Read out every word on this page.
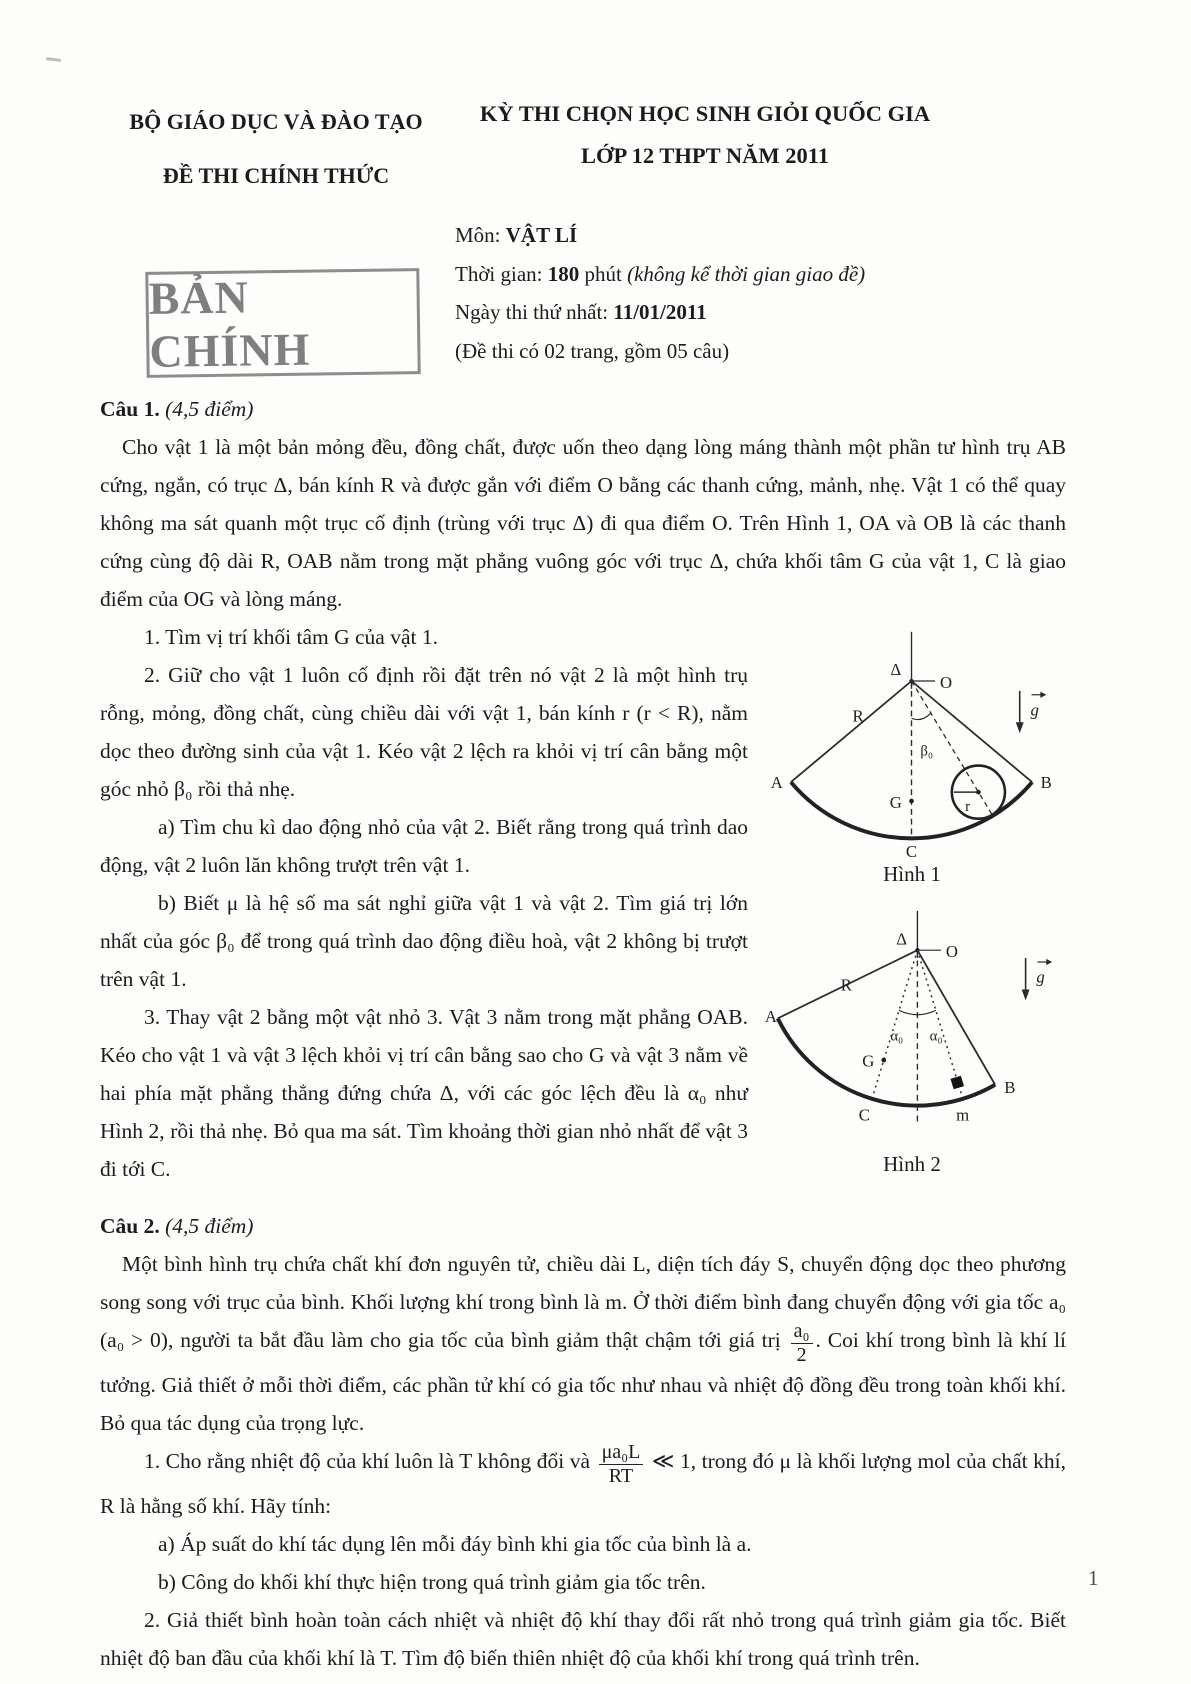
BỘ GIÁO DỤC VÀ ĐÀO TẠO
ĐỀ THI CHÍNH THỨC
KỲ THI CHỌN HỌC SINH GIỎI QUỐC GIA
LỚP 12 THPT NĂM 2011
BẢN CHÍNH
Môn: VẬT LÍ
Thời gian: 180 phút (không kể thời gian giao đề)
Ngày thi thứ nhất: 11/01/2011
(Đề thi có 02 trang, gồm 05 câu)
Câu 1. (4,5 điểm)

Cho vật 1 là một bản mỏng đều, đồng chất, được uốn theo dạng lòng máng thành một phần tư hình trụ AB cứng, ngắn, có trục Δ, bán kính R và được gắn với điểm O bằng các thanh cứng, mảnh, nhẹ. Vật 1 có thể quay không ma sát quanh một trục cố định (trùng với trục Δ) đi qua điểm O. Trên Hình 1, OA và OB là các thanh cứng cùng độ dài R, OAB nằm trong mặt phẳng vuông góc với trục Δ, chứa khối tâm G của vật 1, C là giao điểm của OG và lòng máng.

Δ
O
β₀
r
G
C
R
A	B
g
Hình 1
Δ
O
α₀ α₀
G
C	m
R
A
B
g
Hình 2

1. Tìm vị trí khối tâm G của vật 1.

2. Giữ cho vật 1 luôn cố định rồi đặt trên nó vật 2 là một hình trụ rỗng, mỏng, đồng chất, cùng chiều dài với vật 1, bán kính r (r < R), nằm dọc theo đường sinh của vật 1. Kéo vật 2 lệch ra khỏi vị trí cân bằng một góc nhỏ β₀ rồi thả nhẹ.

a) Tìm chu kì dao động nhỏ của vật 2. Biết rằng trong quá trình dao động, vật 2 luôn lăn không trượt trên vật 1.

b) Biết μ là hệ số ma sát nghỉ giữa vật 1 và vật 2. Tìm giá trị lớn nhất của góc β₀ để trong quá trình dao động điều hoà, vật 2 không bị trượt trên vật 1.

3. Thay vật 2 bằng một vật nhỏ 3. Vật 3 nằm trong mặt phẳng OAB. Kéo cho vật 1 và vật 3 lệch khỏi vị trí cân bằng sao cho G và vật 3 nằm về hai phía mặt phẳng thẳng đứng chứa Δ, với các góc lệch đều là α₀ như Hình 2, rồi thả nhẹ. Bỏ qua ma sát. Tìm khoảng thời gian nhỏ nhất để vật 3 đi tới C.

Câu 2. (4,5 điểm)

Một bình hình trụ chứa chất khí đơn nguyên tử, chiều dài L, diện tích đáy S, chuyển động dọc theo phương song song với trục của bình. Khối lượng khí trong bình là m. Ở thời điểm bình đang chuyển động với gia tốc a₀ (a₀ > 0), người ta bắt đầu làm cho gia tốc của bình giảm thật chậm tới giá trị $\frac{\text{a₀}}{2}$ . Coi khí trong bình là khí lí tưởng. Giả thiết ở mỗi thời điểm, các phần tử khí có gia tốc như nhau và nhiệt độ đồng đều trong toàn khối khí. Bỏ qua tác dụng của trọng lực.

1. Cho rằng nhiệt độ của khí luôn là T không đổi và $\frac{\text{μa₀L}}{RT}$ ≪ 1, trong đó μ là khối lượng mol của chất khí, R là hằng số khí. Hãy tính:

a) Áp suất do khí tác dụng lên mỗi đáy bình khi gia tốc của bình là a.

b) Công do khối khí thực hiện trong quá trình giảm gia tốc trên.

2. Giả thiết bình hoàn toàn cách nhiệt và nhiệt độ khí thay đổi rất nhỏ trong quá trình giảm gia tốc. Biết nhiệt độ ban đầu của khối khí là T. Tìm độ biến thiên nhiệt độ của khối khí trong quá trình trên.

1
